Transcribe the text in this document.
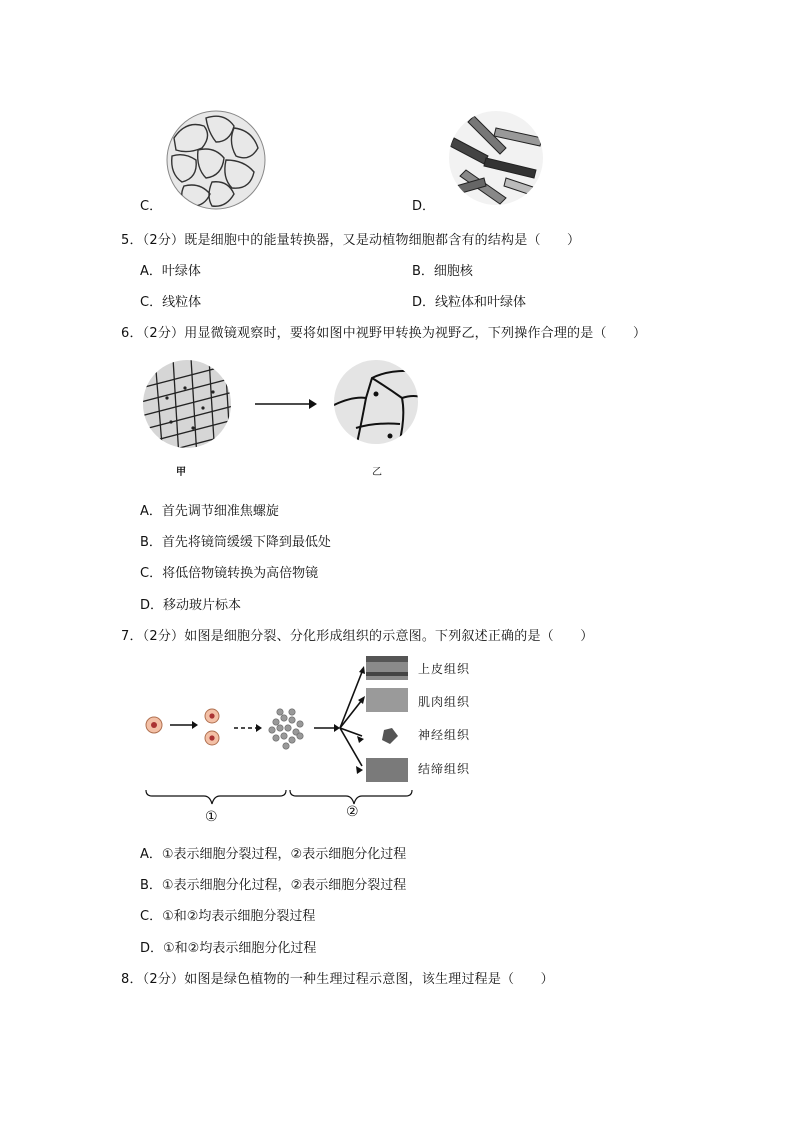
C．	D．
5．（2分）既是细胞中的能量转换器，又是动植物细胞都含有的结构是（　　）
A．叶绿体	B．细胞核
C．线粒体	D．线粒体和叶绿体
6．（2分）用显微镜观察时，要将如图中视野甲转换为视野乙，下列操作合理的是（　　）
甲	乙
A．首先调节细准焦螺旋
B．首先将镜筒缓缓下降到最低处
C．将低倍物镜转换为高倍物镜
D．移动玻片标本
7．（2分）如图是细胞分裂、分化形成组织的示意图。下列叙述正确的是（　　）
上皮组织
肌肉组织
神经组织
结缔组织
①	②
A．①表示细胞分裂过程，②表示细胞分化过程
B．①表示细胞分化过程，②表示细胞分裂过程
C．①和②均表示细胞分裂过程
D．①和②均表示细胞分化过程
8．（2分）如图是绿色植物的一种生理过程示意图，该生理过程是（　　）
